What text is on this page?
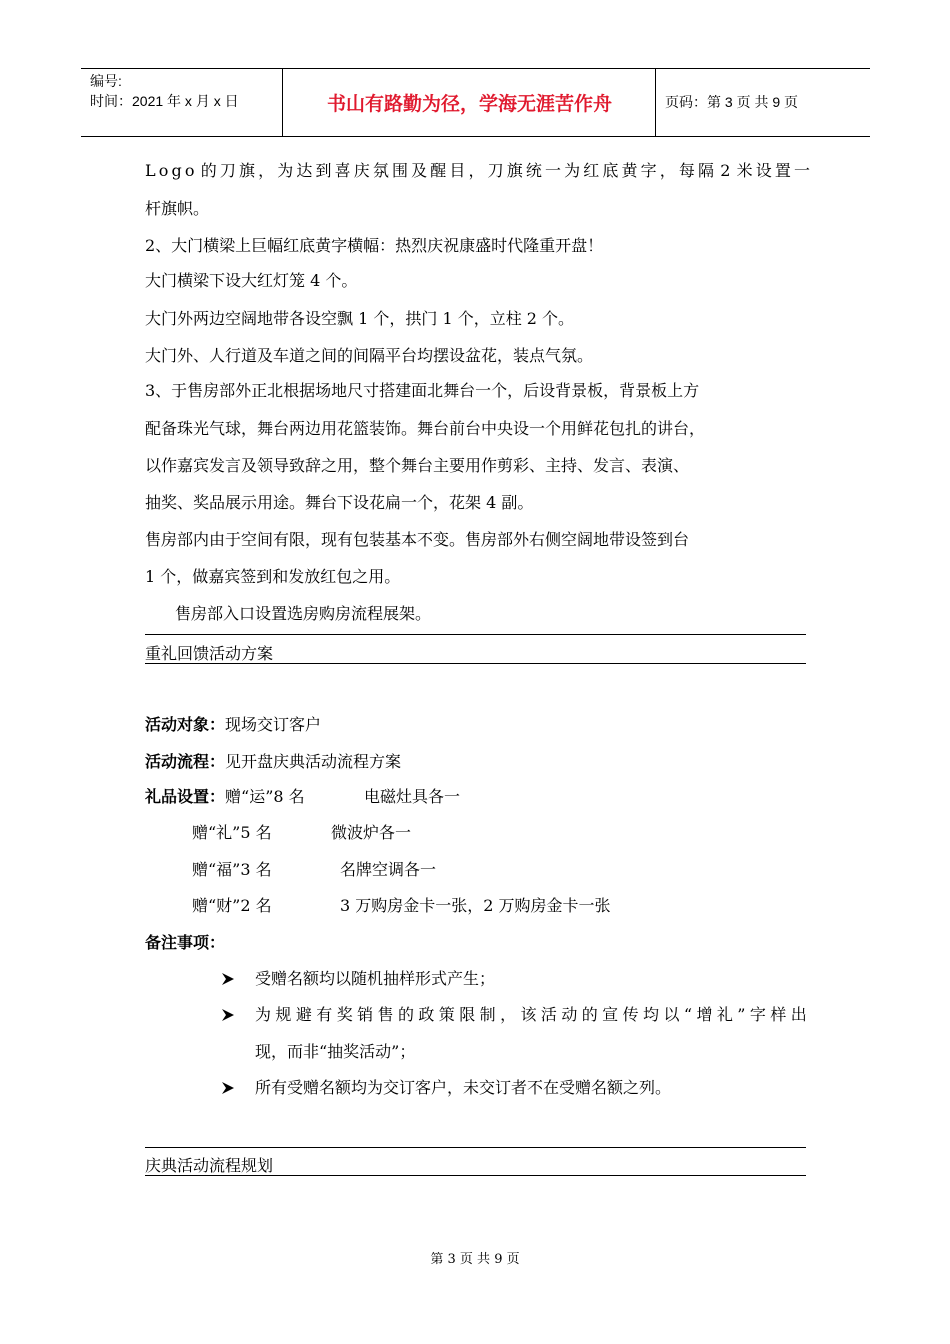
编号:
时间：2021 年 x 月 x 日	书山有路勤为径，学海无涯苦作舟	页码：第 3 页 共 9 页
L o g o 的 刀 旗 ， 为 达 到 喜 庆 氛 围 及 醒 目 ， 刀 旗 统 一 为 红 底 黄 字 ， 每 隔 2 米 设 置 一
杆旗帜。
2、大门横梁上巨幅红底黄字横幅：热烈庆祝康盛时代隆重开盘！
大门横梁下设大红灯笼 4 个。
大门外两边空阔地带各设空飘 1 个，拱门 1 个，立柱 2 个。
大门外、人行道及车道之间的间隔平台均摆设盆花，装点气氛。
3、于售房部外正北根据场地尺寸搭建面北舞台一个，后设背景板，背景板上方
配备珠光气球，舞台两边用花篮装饰。舞台前台中央设一个用鲜花包扎的讲台，
以作嘉宾发言及领导致辞之用，整个舞台主要用作剪彩、主持、发言、表演、
抽奖、奖品展示用途。舞台下设花扁一个，花架 4 副。
售房部内由于空间有限，现有包装基本不变。售房部外右侧空阔地带设签到台
1 个，做嘉宾签到和发放红包之用。
售房部入口设置选房购房流程展架。
重礼回馈活动方案
活动对象：现场交订客户
活动流程：见开盘庆典活动流程方案
礼品设置：赠“运”8 名	电磁灶具各一
赠“礼”5 名	微波炉各一
赠“福”3 名	名牌空调各一
赠“财”2 名	3 万购房金卡一张，2 万购房金卡一张
备注事项：
受赠名额均以随机抽样形式产生；
为 规 避 有 奖 销 售 的 政 策 限 制 ， 该 活 动 的 宣 传 均 以 “ 增 礼 ” 字 样 出
现，而非“抽奖活动”；
所有受赠名额均为交订客户，未交订者不在受赠名额之列。
庆典活动流程规划
第 3 页 共 9 页
